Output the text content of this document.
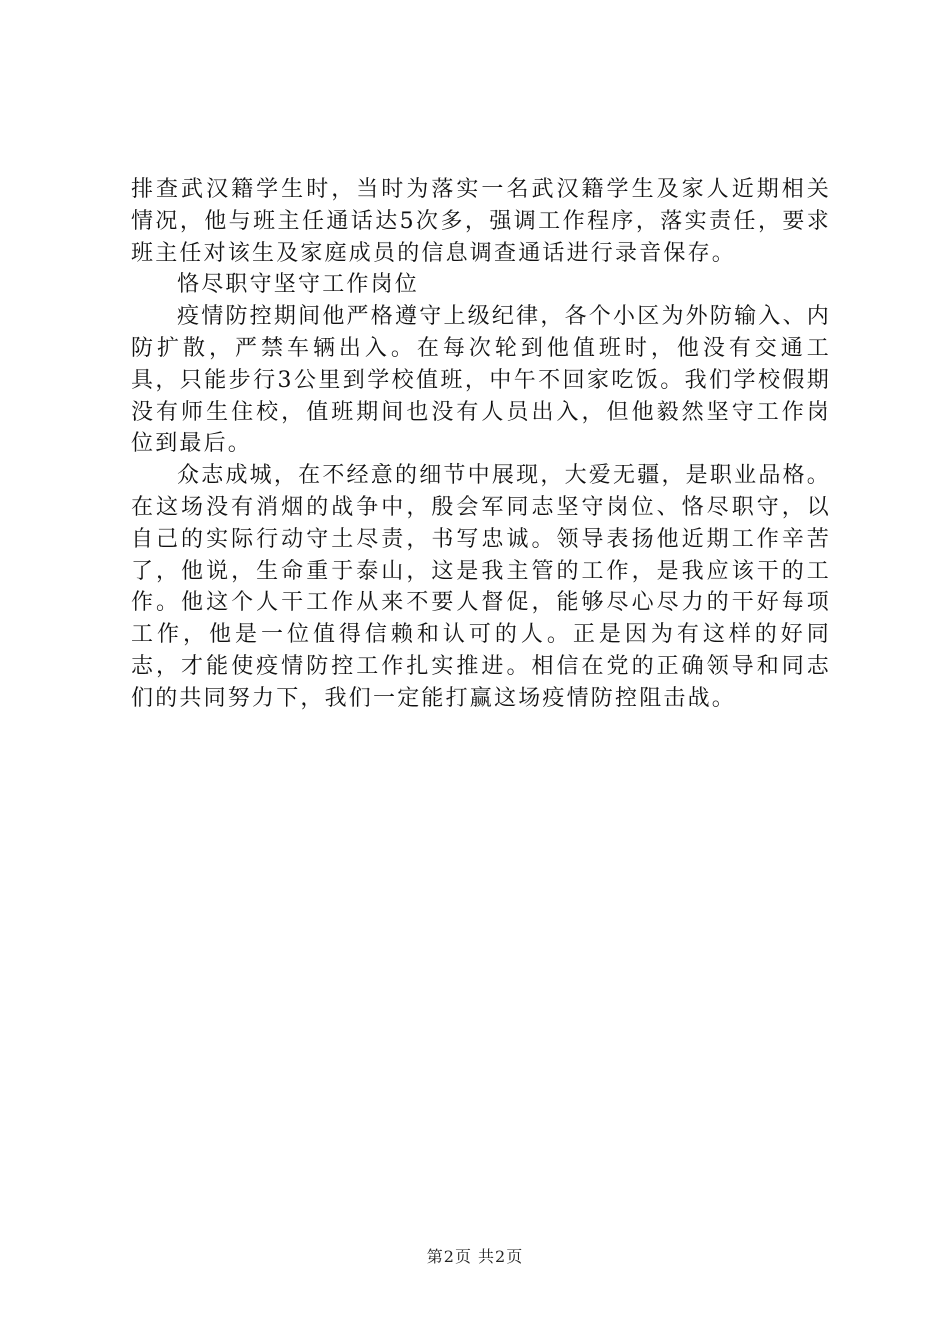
排查武汉籍学生时，当时为落实一名武汉籍学生及家人近期相关情况，他与班主任通话达5次多，强调工作程序，落实责任，要求班主任对该生及家庭成员的信息调查通话进行录音保存。

恪尽职守坚守工作岗位

疫情防控期间他严格遵守上级纪律，各个小区为外防输入、内防扩散，严禁车辆出入。在每次轮到他值班时，他没有交通工具，只能步行3公里到学校值班，中午不回家吃饭。我们学校假期没有师生住校，值班期间也没有人员出入，但他毅然坚守工作岗位到最后。

众志成城，在不经意的细节中展现，大爱无疆，是职业品格。在这场没有消烟的战争中，殷会军同志坚守岗位、恪尽职守，以自己的实际行动守土尽责，书写忠诚。领导表扬他近期工作辛苦了，他说，生命重于泰山，这是我主管的工作，是我应该干的工作。他这个人干工作从来不要人督促，能够尽心尽力的干好每项工作，他是一位值得信赖和认可的人。正是因为有这样的好同志，才能使疫情防控工作扎实推进。相信在党的正确领导和同志们的共同努力下，我们一定能打赢这场疫情防控阻击战。

第2页 共2页
